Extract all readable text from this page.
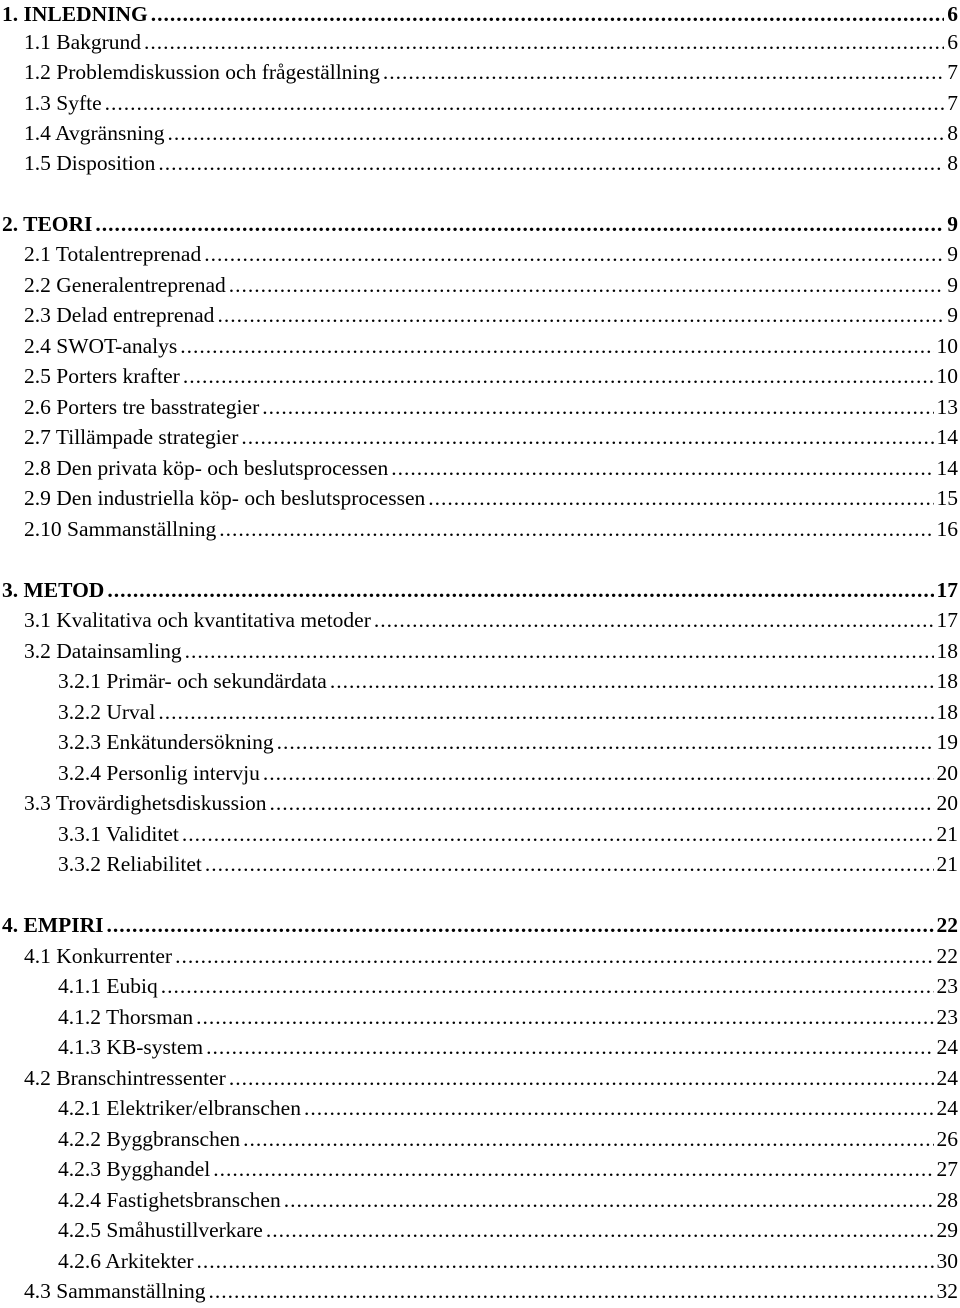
1. INLEDNING .....	6
1.1 Bakgrund .....	6
1.2 Problemdiskussion och frågeställning .....	7
1.3 Syfte .....	7
1.4 Avgränsning .....	8
1.5 Disposition .....	8
2. TEORI .....	9
2.1 Totalentreprenad .....	9
2.2 Generalentreprenad .....	9
2.3 Delad entreprenad .....	9
2.4 SWOT-analys .....	10
2.5 Porters krafter .....	10
2.6 Porters tre basstrategier .....	13
2.7 Tillämpade strategier .....	14
2.8 Den privata köp- och beslutsprocessen .....	14
2.9 Den industriella köp- och beslutsprocessen .....	15
2.10 Sammanställning .....	16
3. METOD .....	17
3.1 Kvalitativa och kvantitativa metoder .....	17
3.2 Datainsamling .....	18
3.2.1 Primär- och sekundärdata .....	18
3.2.2 Urval .....	18
3.2.3 Enkätundersökning .....	19
3.2.4 Personlig intervju .....	20
3.3 Trovärdighetsdiskussion .....	20
3.3.1 Validitet .....	21
3.3.2 Reliabilitet .....	21
4. EMPIRI .....	22
4.1 Konkurrenter .....	22
4.1.1 Eubiq .....	23
4.1.2 Thorsman .....	23
4.1.3 KB-system .....	24
4.2 Branschintressenter .....	24
4.2.1 Elektriker/elbranschen .....	24
4.2.2 Byggbranschen .....	26
4.2.3 Bygghandel .....	27
4.2.4 Fastighetsbranschen .....	28
4.2.5 Småhustillverkare .....	29
4.2.6 Arkitekter .....	30
4.3 Sammanställning .....	32
